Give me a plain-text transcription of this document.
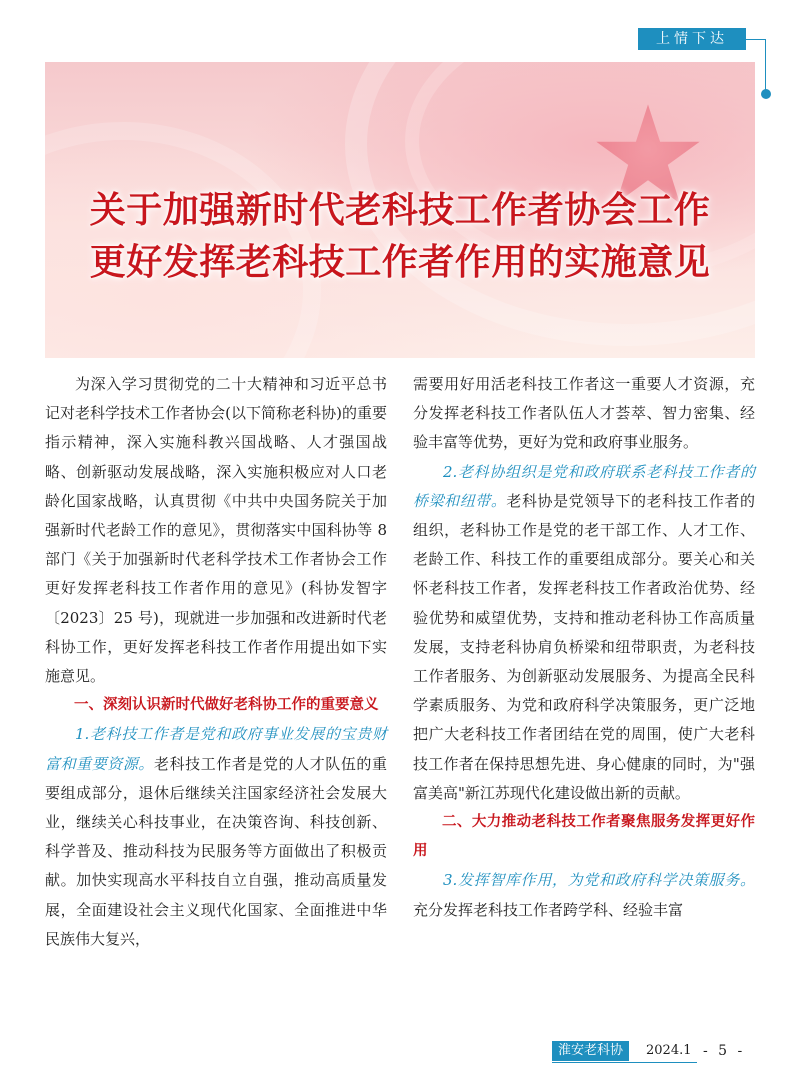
上情下达
关于加强新时代老科技工作者协会工作
更好发挥老科技工作者作用的实施意见

为深入学习贯彻党的二十大精神和习近平总书记对老科学技术工作者协会(以下简称老科协)的重要指示精神，深入实施科教兴国战略、人才强国战略、创新驱动发展战略，深入实施积极应对人口老龄化国家战略，认真贯彻《中共中央国务院关于加强新时代老龄工作的意见》，贯彻落实中国科协等 8 部门《关于加强新时代老科学技术工作者协会工作更好发挥老科技工作者作用的意见》(科协发智字〔2023〕25 号)，现就进一步加强和改进新时代老科协工作，更好发挥老科技工作者作用提出如下实施意见。

一、深刻认识新时代做好老科协工作的重要意义

1.老科技工作者是党和政府事业发展的宝贵财富和重要资源。老科技工作者是党的人才队伍的重要组成部分，退休后继续关注国家经济社会发展大业，继续关心科技事业，在决策咨询、科技创新、科学普及、推动科技为民服务等方面做出了积极贡献。加快实现高水平科技自立自强，推动高质量发展，全面建设社会主义现代化国家、全面推进中华民族伟大复兴，

需要用好用活老科技工作者这一重要人才资源，充分发挥老科技工作者队伍人才荟萃、智力密集、经验丰富等优势，更好为党和政府事业服务。

2.老科协组织是党和政府联系老科技工作者的桥梁和纽带。老科协是党领导下的老科技工作者的组织，老科协工作是党的老干部工作、人才工作、老龄工作、科技工作的重要组成部分。要关心和关怀老科技工作者，发挥老科技工作者政治优势、经验优势和威望优势，支持和推动老科协工作高质量发展，支持老科协肩负桥梁和纽带职责，为老科技工作者服务、为创新驱动发展服务、为提高全民科学素质服务、为党和政府科学决策服务，更广泛地把广大老科技工作者团结在党的周围，使广大老科技工作者在保持思想先进、身心健康的同时，为"强富美高"新江苏现代化建设做出新的贡献。

二、大力推动老科技工作者聚焦服务发挥更好作用

3.发挥智库作用，为党和政府科学决策服务。充分发挥老科技工作者跨学科、经验丰富

淮安老科协	2024.1 - 5 -
